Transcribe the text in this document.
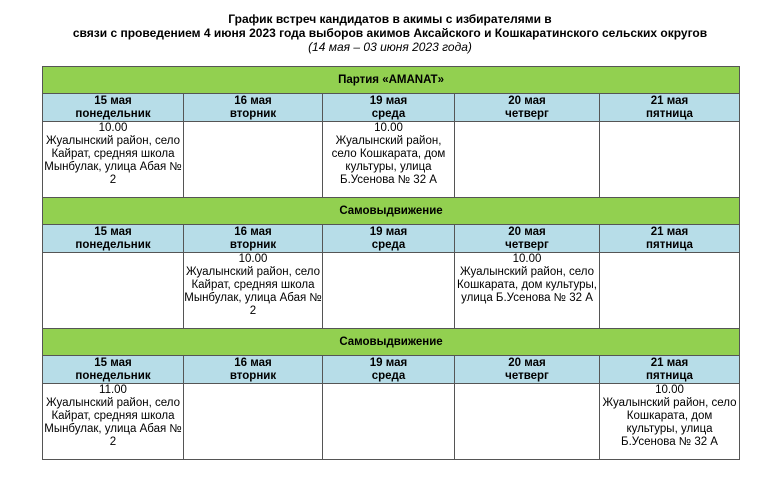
График встреч кандидатов в акимы с избирателями в
связи с проведением 4 июня 2023 года выборов акимов Аксайского и Кошкаратинского сельских округов
(14 мая – 03 июня 2023 года)
Партия «AMANAT»				

15 мая
понедельник	16 мая
вторник	19 мая
среда	20 мая
четверг	21 мая
пятница

10.00
Жуалынский район, село Кайрат, средняя школа Мынбулак, улица Абая № 2		10.00
Жуалынский район, село Кошкарата, дом культуры, улица Б.Усенова № 32 А		

Самовыдвижение				

15 мая
понедельник	16 мая
вторник	19 мая
среда	20 мая
четверг	21 мая
пятница

	10.00
Жуалынский район, село Кайрат, средняя школа Мынбулак, улица Абая № 2		10.00
Жуалынский район, село Кошкарата, дом культуры, улица Б.Усенова № 32 А	

Самовыдвижение				

15 мая
понедельник	16 мая
вторник	19 мая
среда	20 мая
четверг	21 мая
пятница

11.00
Жуалынский район, село Кайрат, средняя школа Мынбулак, улица Абая № 2				10.00
Жуалынский район, село Кошкарата, дом культуры, улица Б.Усенова № 32 А
